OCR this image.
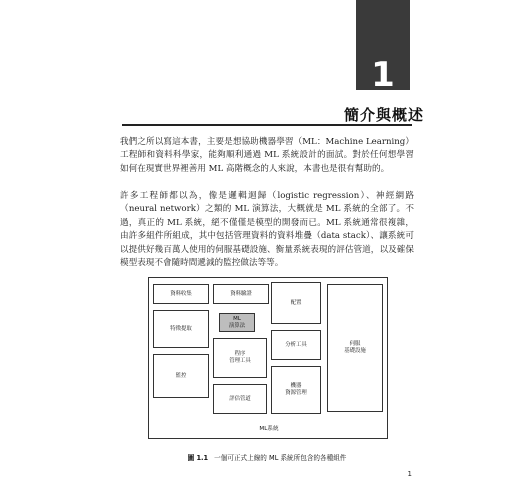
1
簡介與概述

我們之所以寫這本書，主要是想協助機器學習（ML：Machine Learning）工程師和資料科學家，能夠順利通過 ML 系統設計的面試。對於任何想學習如何在現實世界裡善用 ML 高階概念的人來說，本書也是很有幫助的。

許多工程師都以為，像是邏輯迴歸（logistic regression）、神經網路（neural network）之類的 ML 演算法，大概就是 ML 系統的全部了。不過，真正的 ML 系統，絕不僅僅是模型的開發而已。ML 系統通常很複雜，由許多組件所組成，其中包括管理資料的資料堆疊（data stack）、讓系統可以提供好幾百萬人使用的伺服基礎設施、衡量系統表現的評估管道，以及確保模型表現不會隨時間遞減的監控做法等等。

資料收集	資料驗證
特徵提取
ML
演算法
監控
程序
管理工具
評估管道
配置
分析工具
機器
資源管理
伺服
基礎設施
ML系統
圖 1.1 一個可正式上線的 ML 系統所包含的各種組件
1
